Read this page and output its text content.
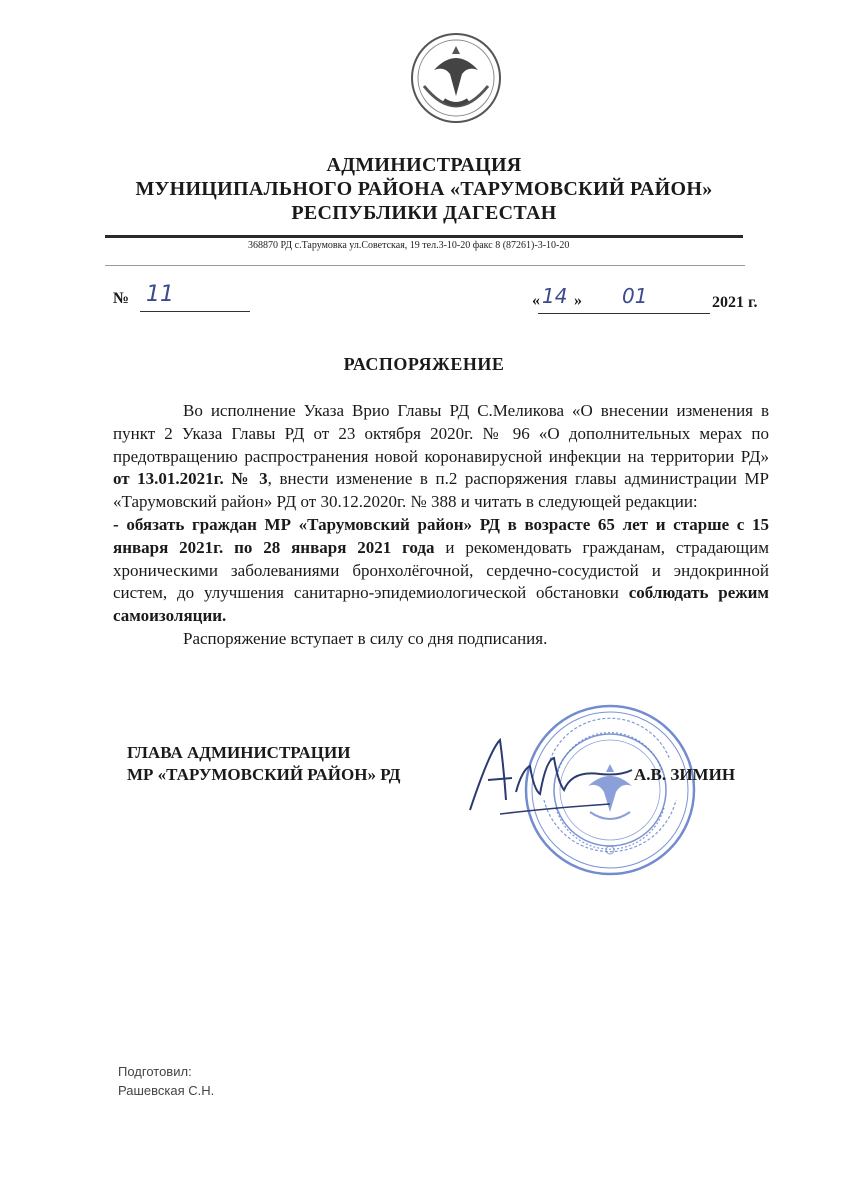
АДМИНИСТРАЦИЯ
МУНИЦИПАЛЬНОГО РАЙОНА «ТАРУМОВСКИЙ РАЙОН»
РЕСПУБЛИКИ ДАГЕСТАН
368870 РД с.Тарумовка ул.Советская, 19 тел.3-10-20 факс 8 (87261)-3-10-20
№ 11	« 14 » 01	2021 г.
РАСПОРЯЖЕНИЕ

Во исполнение Указа Врио Главы РД С.Меликова «О внесении изменения в пункт 2 Указа Главы РД от 23 октября 2020г. № 96 «О дополнительных мерах по предотвращению распространения новой коронавирусной инфекции на территории РД» от 13.01.2021г. № 3, внести изменение в п.2 распоряжения главы администрации МР «Тарумовский район» РД от 30.12.2020г. № 388 и читать в следующей редакции:

- обязать граждан МР «Тарумовский район» РД в возрасте 65 лет и старше с 15 января 2021г. по 28 января 2021 года и рекомендовать гражданам, страдающим хроническими заболеваниями бронхолёгочной, сердечно-сосудистой и эндокринной систем, до улучшения санитарно-эпидемиологической обстановки соблюдать режим самоизоляции.

Распоряжение вступает в силу со дня подписания.

ГЛАВА АДМИНИСТРАЦИИ
МР «ТАРУМОВСКИЙ РАЙОН» РД	А.В. ЗИМИН
Подготовил:
Рашевская С.Н.
